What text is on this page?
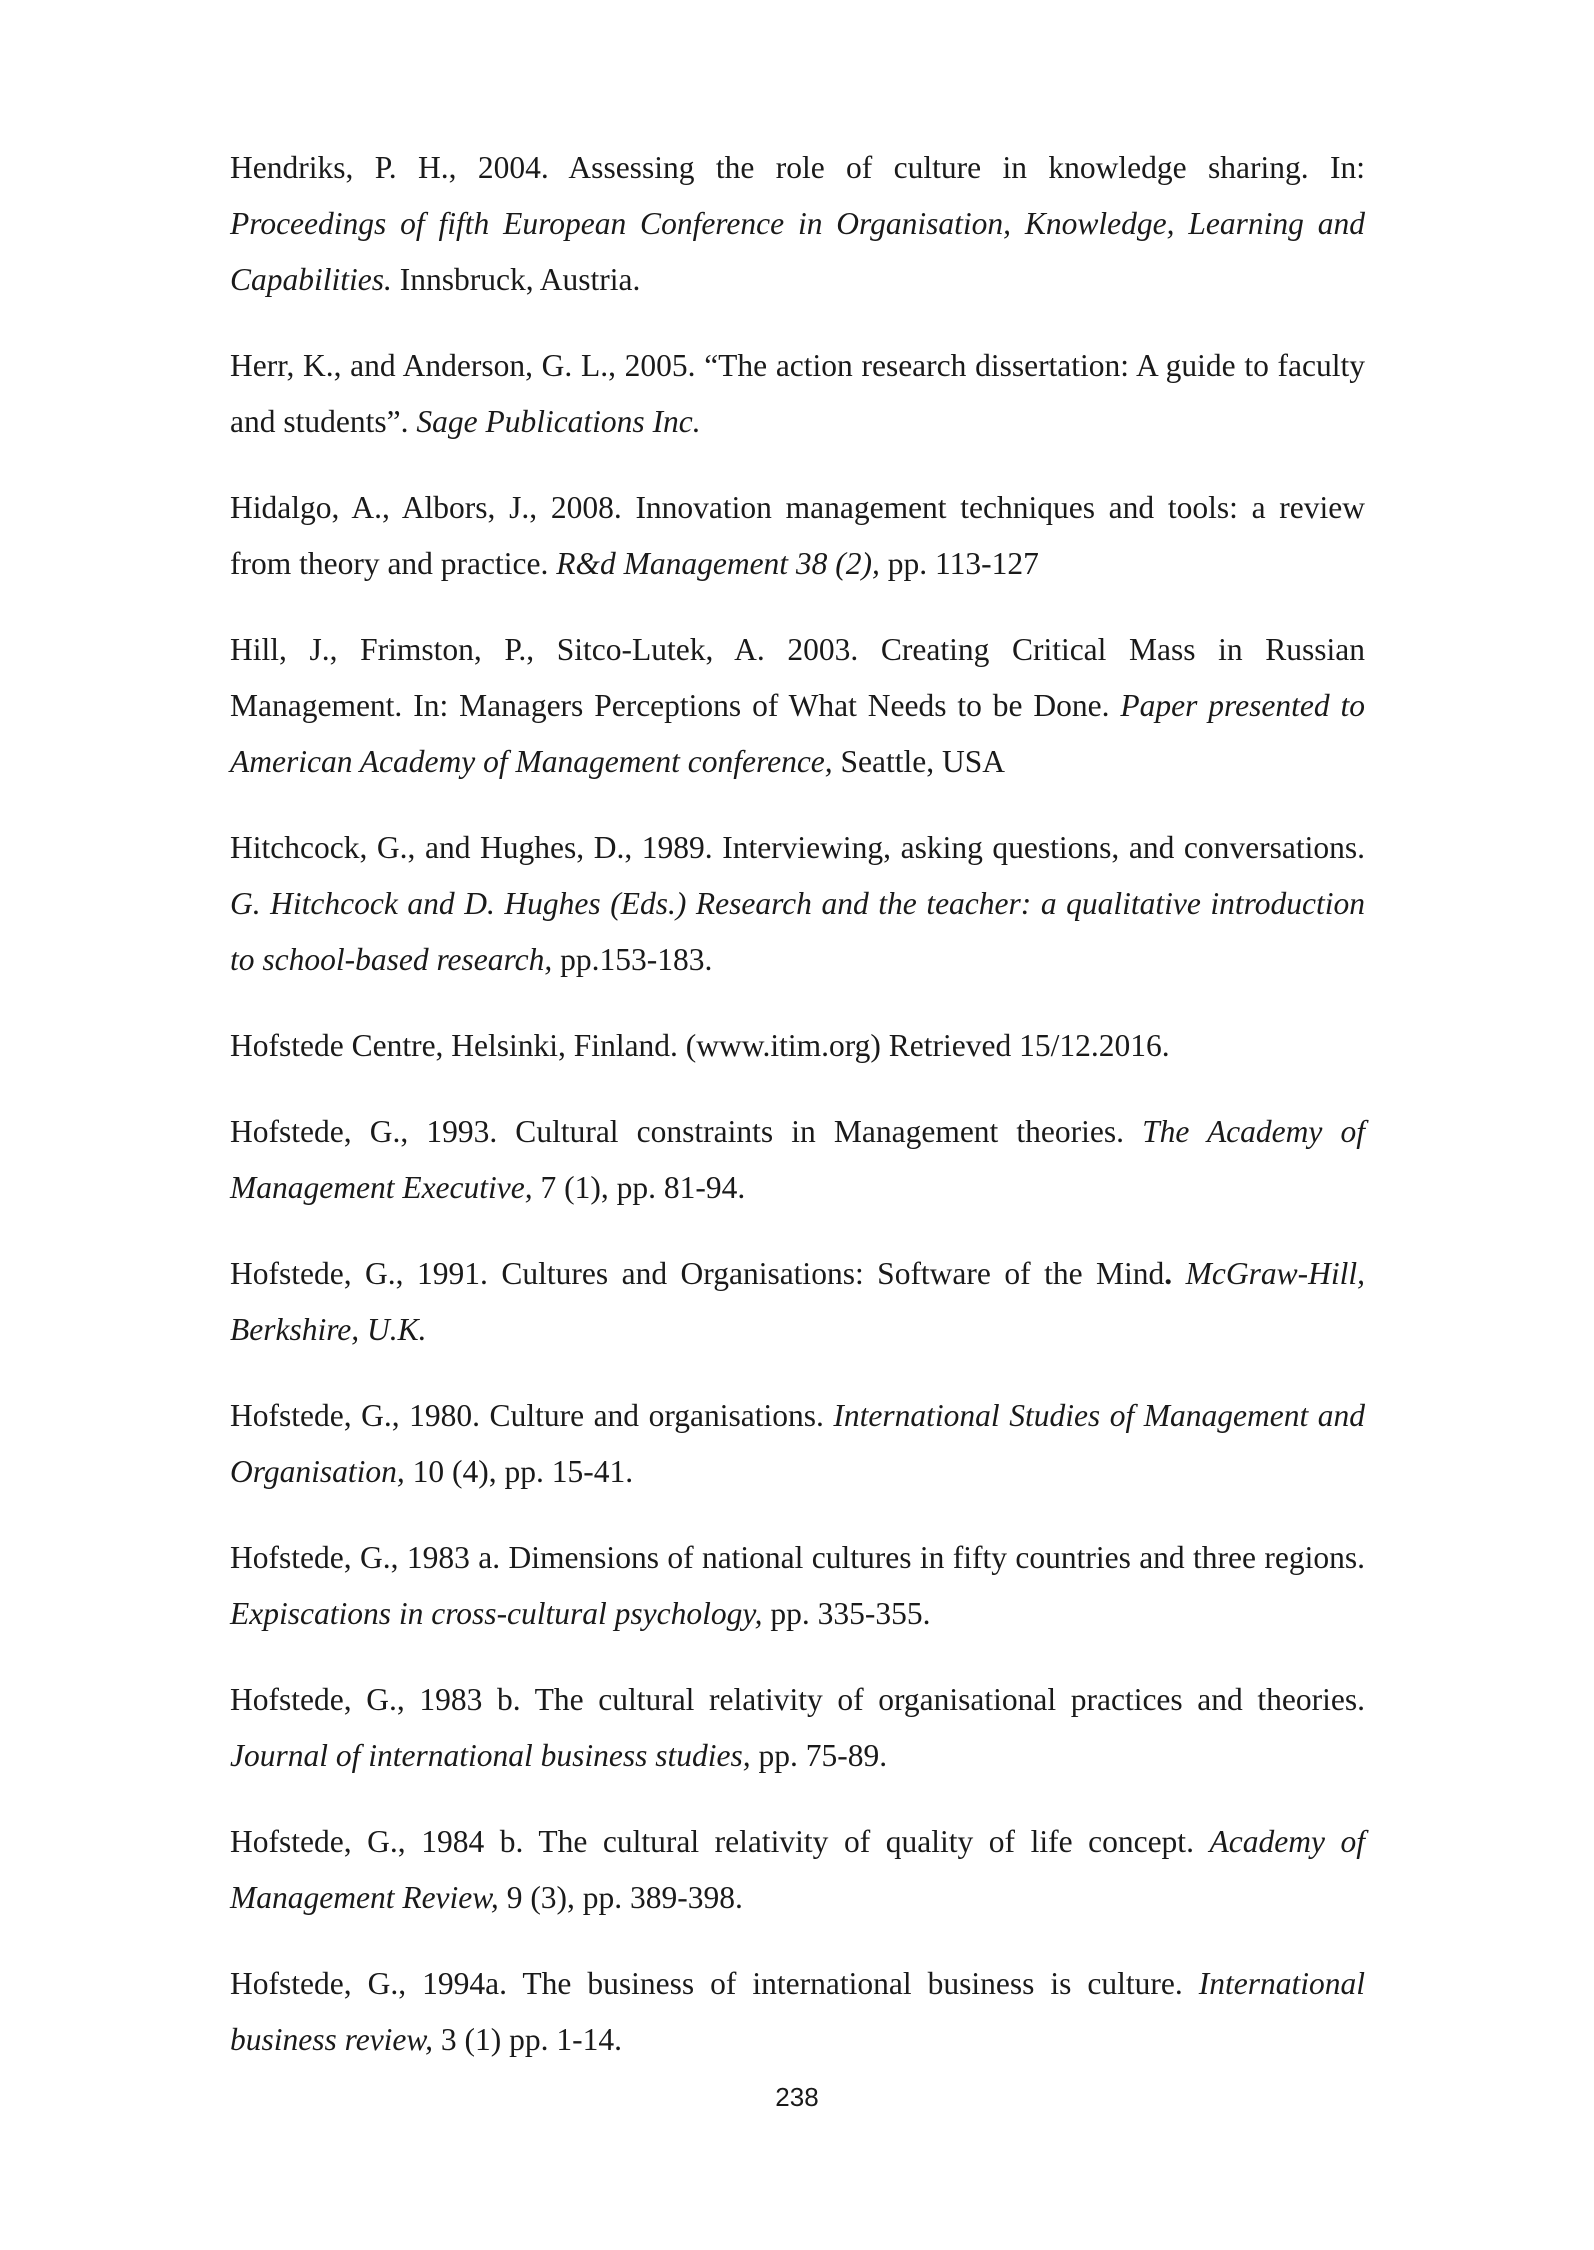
Hendriks, P. H., 2004. Assessing the role of culture in knowledge sharing. In: Proceedings of fifth European Conference in Organisation, Knowledge, Learning and Capabilities. Innsbruck, Austria.
Herr, K., and Anderson, G. L., 2005. “The action research dissertation: A guide to faculty and students”. Sage Publications Inc.
Hidalgo, A., Albors, J., 2008. Innovation management techniques and tools: a review from theory and practice. R&d Management 38 (2), pp. 113-127
Hill, J., Frimston, P., Sitco-Lutek, A. 2003. Creating Critical Mass in Russian Management. In: Managers Perceptions of What Needs to be Done. Paper presented to American Academy of Management conference, Seattle, USA
Hitchcock, G., and Hughes, D., 1989. Interviewing, asking questions, and conversations. G. Hitchcock and D. Hughes (Eds.) Research and the teacher: a qualitative introduction to school-based research, pp.153-183.
Hofstede Centre, Helsinki, Finland. (www.itim.org) Retrieved 15/12.2016.
Hofstede, G., 1993. Cultural constraints in Management theories. The Academy of Management Executive, 7 (1), pp. 81-94.
Hofstede, G., 1991. Cultures and Organisations: Software of the Mind. McGraw-Hill, Berkshire, U.K.
Hofstede, G., 1980. Culture and organisations. International Studies of Management and Organisation, 10 (4), pp. 15-41.
Hofstede, G., 1983 a. Dimensions of national cultures in fifty countries and three regions. Expiscations in cross-cultural psychology, pp. 335-355.
Hofstede, G., 1983 b. The cultural relativity of organisational practices and theories. Journal of international business studies, pp. 75-89.
Hofstede, G., 1984 b. The cultural relativity of quality of life concept. Academy of Management Review, 9 (3), pp. 389-398.
Hofstede, G., 1994a. The business of international business is culture. International business review, 3 (1) pp. 1-14.
238
